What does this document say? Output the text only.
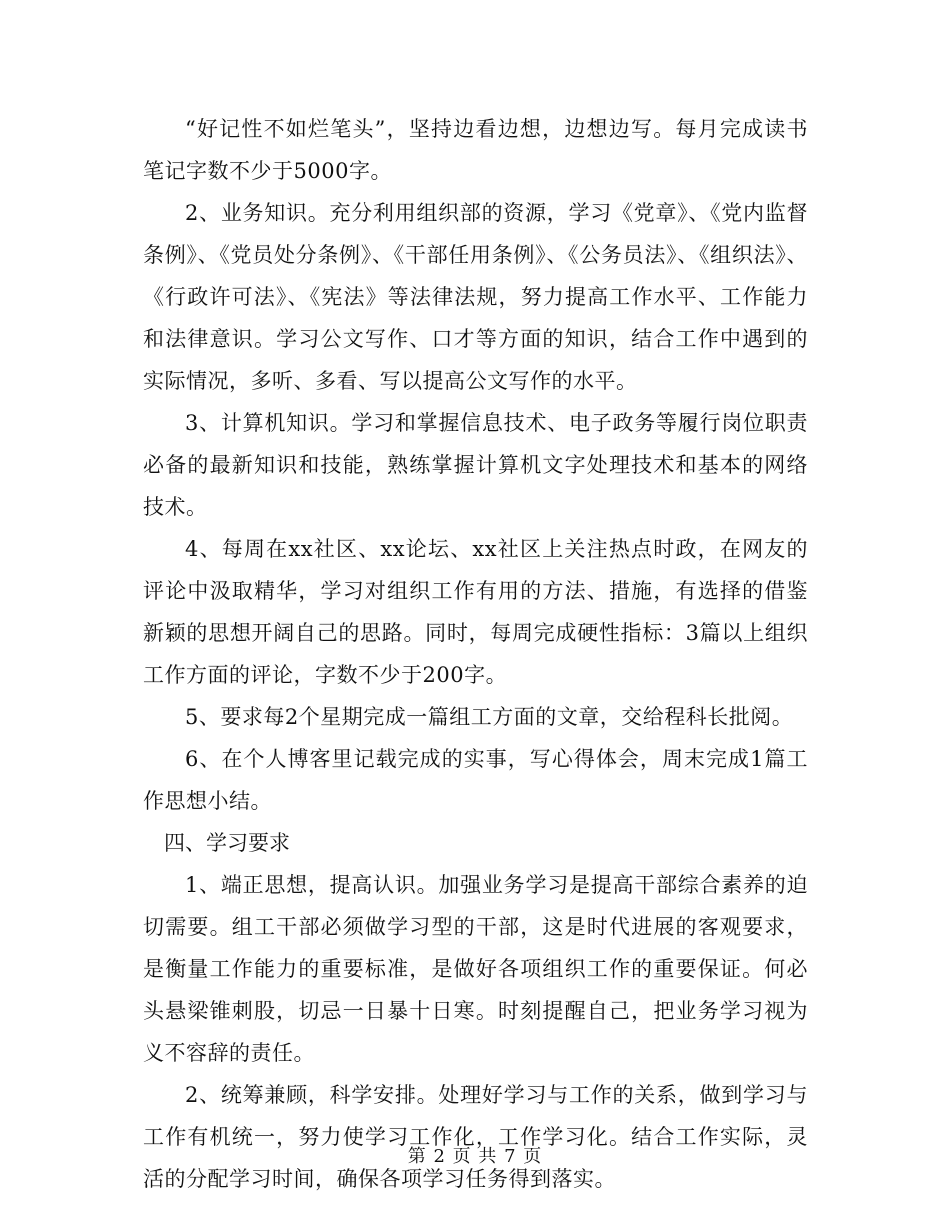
“好记性不如烂笔头”，坚持边看边想，边想边写。每月完成读书笔记字数不少于5000字。

2、业务知识。充分利用组织部的资源，学习《党章》、《党内监督条例》、《党员处分条例》、《干部任用条例》、《公务员法》、《组织法》、《行政许可法》、《宪法》等法律法规，努力提高工作水平、工作能力和法律意识。学习公文写作、口才等方面的知识，结合工作中遇到的实际情况，多听、多看、写以提高公文写作的水平。

3、计算机知识。学习和掌握信息技术、电子政务等履行岗位职责必备的最新知识和技能，熟练掌握计算机文字处理技术和基本的网络技术。

4、每周在xx社区、xx论坛、xx社区上关注热点时政，在网友的评论中汲取精华，学习对组织工作有用的方法、措施，有选择的借鉴新颖的思想开阔自己的思路。同时，每周完成硬性指标：3篇以上组织工作方面的评论，字数不少于200字。

5、要求每2个星期完成一篇组工方面的文章，交给程科长批阅。

6、在个人博客里记载完成的实事，写心得体会，周末完成1篇工作思想小结。

四、学习要求

1、端正思想，提高认识。加强业务学习是提高干部综合素养的迫切需要。组工干部必须做学习型的干部，这是时代进展的客观要求，是衡量工作能力的重要标准，是做好各项组织工作的重要保证。何必头悬梁锥刺股，切忌一日暴十日寒。时刻提醒自己，把业务学习视为义不容辞的责任。

2、统筹兼顾，科学安排。处理好学习与工作的关系，做到学习与工作有机统一，努力使学习工作化，工作学习化。结合工作实际，灵活的分配学习时间，确保各项学习任务得到落实。

第 2 页 共 7 页
